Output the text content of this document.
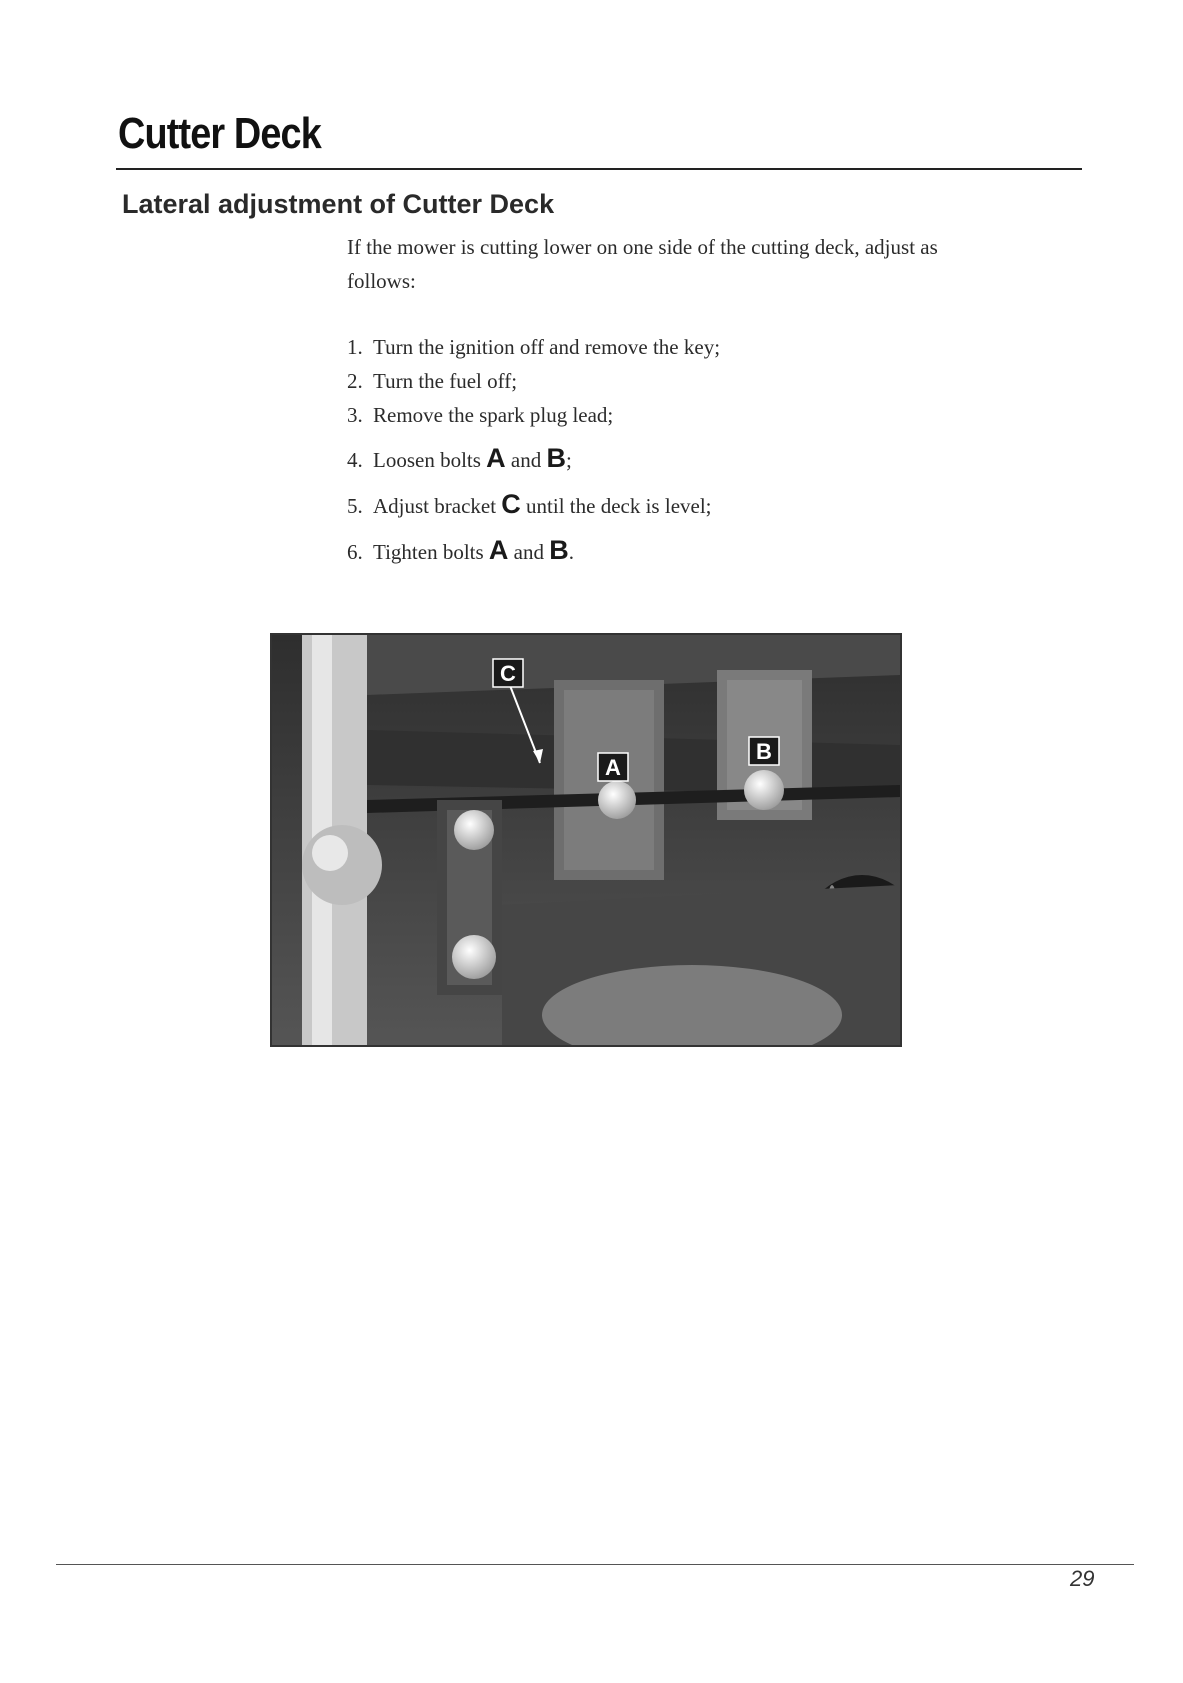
Cutter Deck
Lateral adjustment of Cutter Deck
If the mower is cutting lower on one side of the cutting deck, adjust as
follows:
1. Turn the ignition off and remove the key;
2. Turn the fuel off;
3. Remove the spark plug lead;
4. Loosen bolts A and B;
5. Adjust bracket C until the deck is level;
6. Tighten bolts A and B.
C
A
B
29
